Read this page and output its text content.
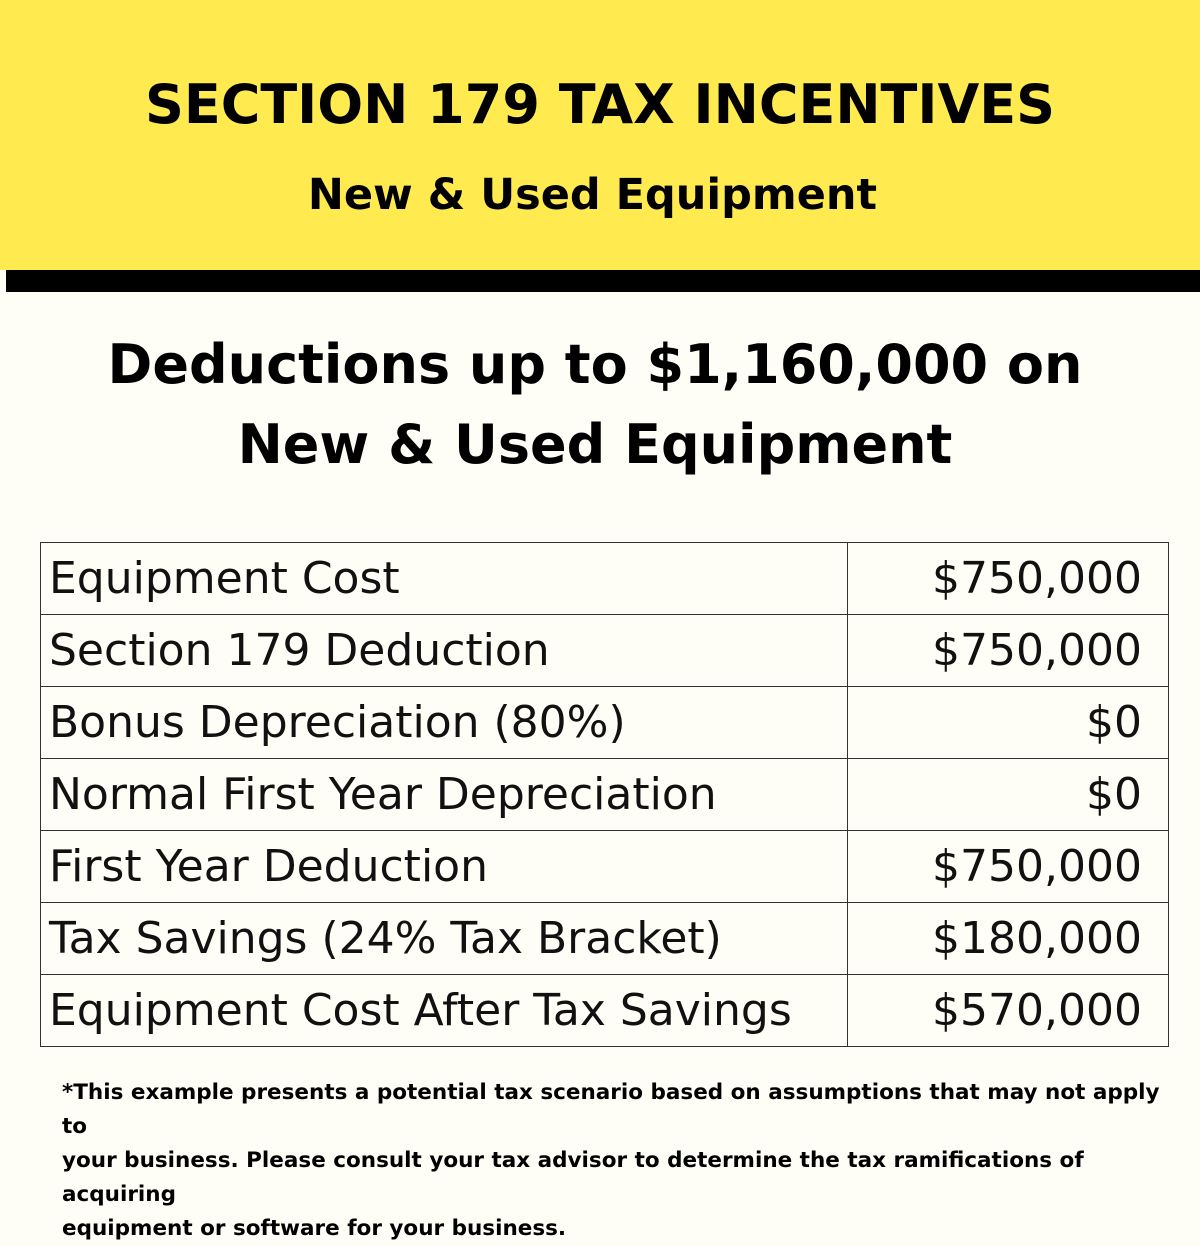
SECTION 179 TAX INCENTIVES
New & Used Equipment
Deductions up to $1,160,000 on
New & Used Equipment
Equipment Cost	$750,000
Section 179 Deduction	$750,000
Bonus Depreciation (80%)	$0
Normal First Year Depreciation	$0
First Year Deduction	$750,000
Tax Savings (24% Tax Bracket)	$180,000
Equipment Cost After Tax Savings	$570,000
*This example presents a potential tax scenario based on assumptions that may not apply to
your business. Please consult your tax advisor to determine the tax ramifications of acquiring
equipment or software for your business.
